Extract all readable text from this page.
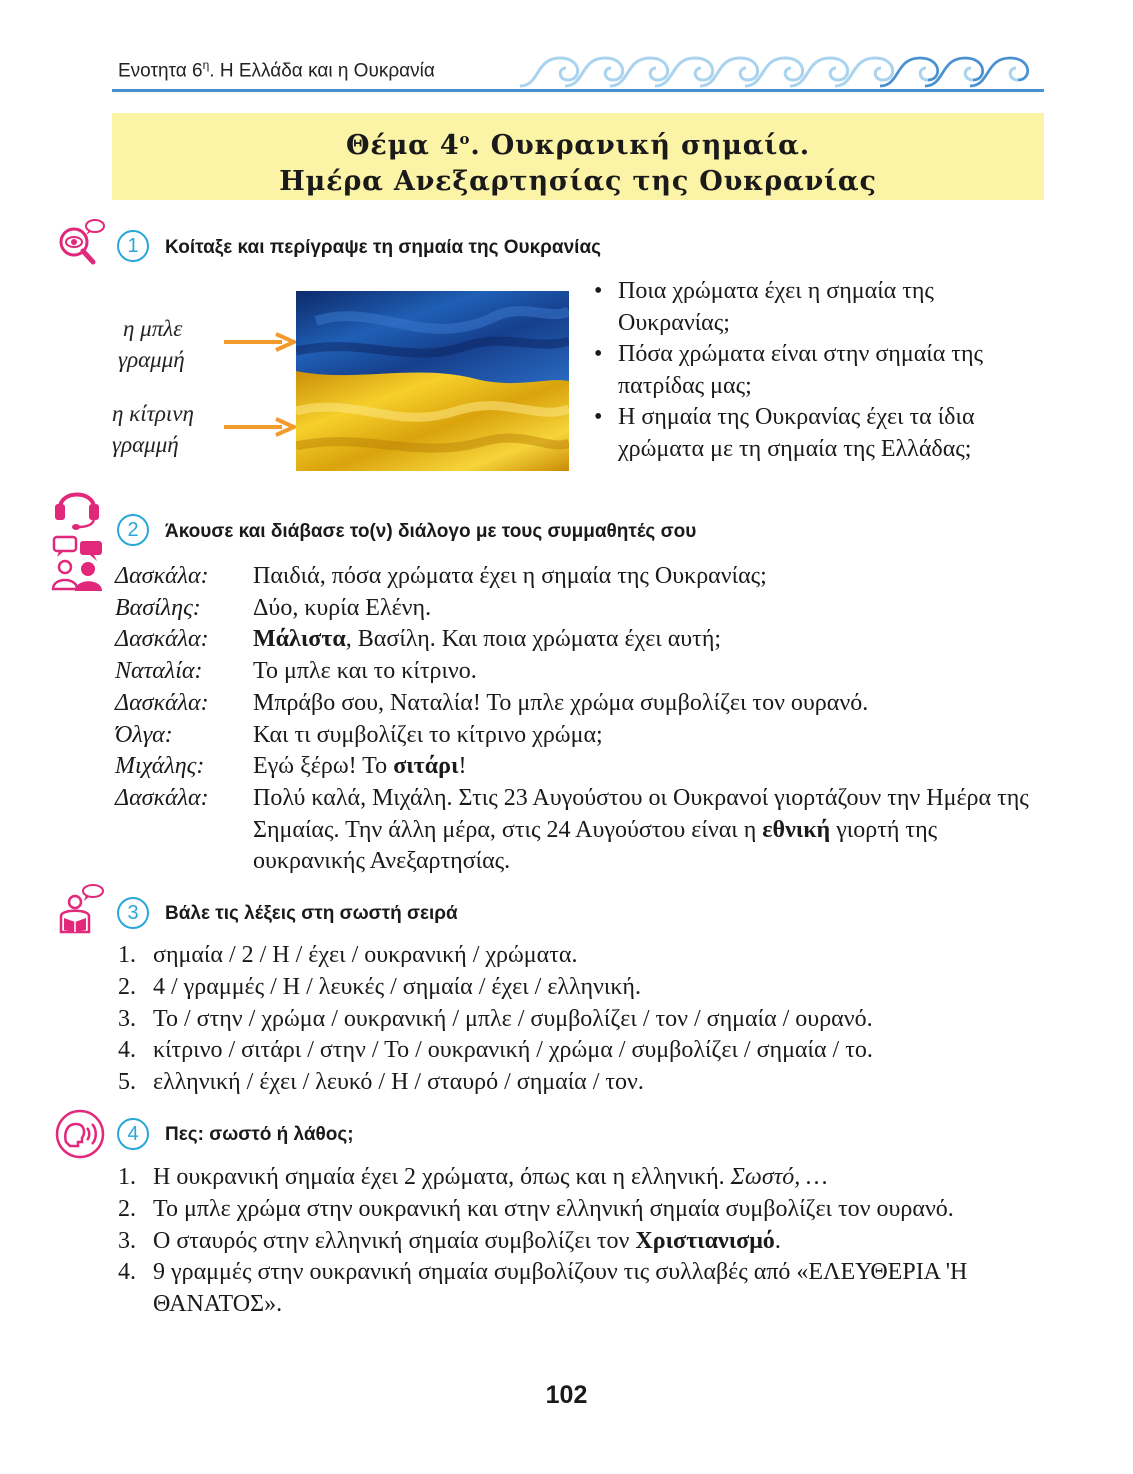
Ενοτητα $6^\eta$. Η Ελλάδα και η Ουκρανία
Θέμα $4^o$. Ουκρανική σημαία.
Ημέρα Ανεξαρτησίας της Ουκρανίας
1	Κοίταξε και περίγραψε τη σημαία της Ουκρανίας
η μπλε
γραμμή
η κίτρινη
γραμμή
• Ποια χρώματα έχει η σημαία της Ουκρανίας;
• Πόσα χρώματα είναι στην σημαία της πατρίδας μας;
• Η σημαία της Ουκρανίας έχει τα ίδια χρώματα με τη σημαία της Ελλάδας;
2	Άκουσε και διάβασε το(ν) διάλογο με τους συμμαθητές σου
Δασκάλα:	Παιδιά, πόσα χρώματα έχει η σημαία της Ουκρανίας;
Βασίλης:	Δύο, κυρία Ελένη.
Δασκάλα:	Μάλιστα, Βασίλη. Και ποια χρώματα έχει αυτή;
Ναταλία:	Το μπλε και το κίτρινο.
Δασκάλα:	Μπράβο σου, Ναταλία! Το μπλε χρώμα συμβολίζει τον ουρανό.
Όλγα:	Και τι συμβολίζει το κίτρινο χρώμα;
Μιχάλης:	Εγώ ξέρω! Το σιτάρι!
Δασκάλα:	Πολύ καλά, Μιχάλη. Στις 23 Αυγούστου οι Ουκρανοί γιορτάζουν την Ημέρα της Σημαίας. Την άλλη μέρα, στις 24 Αυγούστου είναι η εθνική γιορτή της ουκρανικής Ανεξαρτησίας.
3	Βάλε τις λέξεις στη σωστή σειρά
1. σημαία / 2 / Η / έχει / ουκρανική / χρώματα.
2. 4 / γραμμές / Η / λευκές / σημαία / έχει / ελληνική.
3. Το / στην / χρώμα / ουκρανική / μπλε / συμβολίζει / τον / σημαία / ουρανό.
4. κίτρινο / σιτάρι / στην / Το / ουκρανική / χρώμα / συμβολίζει / σημαία / το.
5. ελληνική / έχει / λευκό / Η / σταυρό / σημαία / τον.
4	Πες: σωστό ή λάθος;
1. Η ουκρανική σημαία έχει 2 χρώματα, όπως και η ελληνική. Σωστό, …
2. Το μπλε χρώμα στην ουκρανική και στην ελληνική σημαία συμβολίζει τον ουρανό.
3. Ο σταυρός στην ελληνική σημαία συμβολίζει τον Χριστιανισμό.
4. 9 γραμμές στην ουκρανική σημαία συμβολίζουν τις συλλαβές από «ΕΛΕΥΘΕΡΙΑ 'Η ΘΑΝΑΤΟΣ».
102
